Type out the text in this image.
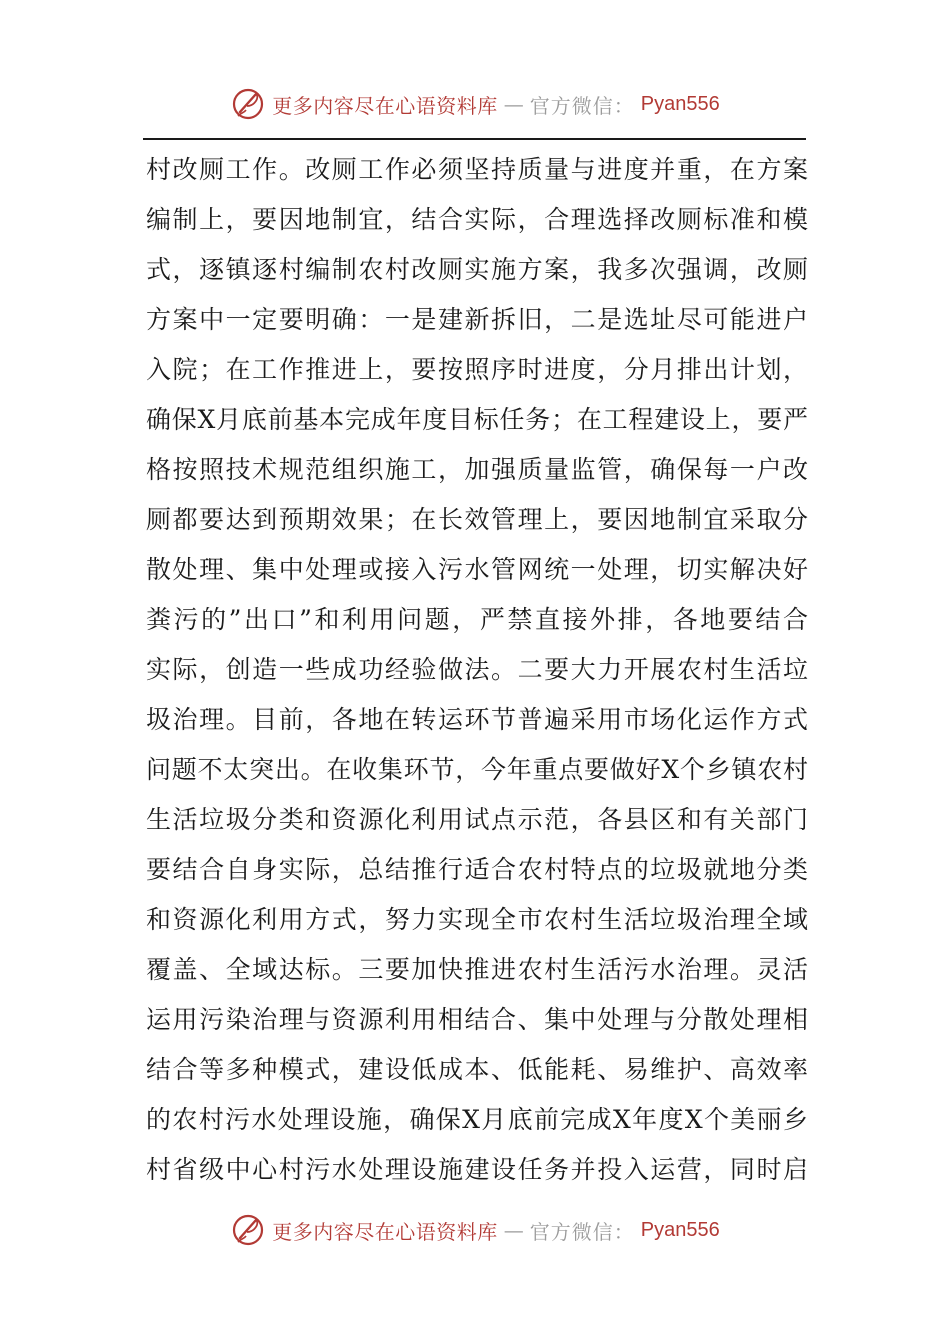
更多内容尽在心语资料库 — 官方微信： Pyan556
村改厕工作。改厕工作必须坚持质量与进度并重，在方案
编制上，要因地制宜，结合实际，合理选择改厕标准和模
式，逐镇逐村编制农村改厕实施方案，我多次强调，改厕
方案中一定要明确：一是建新拆旧，二是选址尽可能进户
入院；在工作推进上，要按照序时进度，分月排出计划，
确保X月底前基本完成年度目标任务；在工程建设上，要严
格按照技术规范组织施工，加强质量监管，确保每一户改
厕都要达到预期效果；在长效管理上，要因地制宜采取分
散处理、集中处理或接入污水管网统一处理，切实解决好
粪污的”出口”和利用问题，严禁直接外排，各地要结合
实际，创造一些成功经验做法。二要大力开展农村生活垃
圾治理。目前，各地在转运环节普遍采用市场化运作方式
问题不太突出。在收集环节，今年重点要做好X个乡镇农村
生活垃圾分类和资源化利用试点示范，各县区和有关部门
要结合自身实际，总结推行适合农村特点的垃圾就地分类
和资源化利用方式，努力实现全市农村生活垃圾治理全域
覆盖、全域达标。三要加快推进农村生活污水治理。灵活
运用污染治理与资源利用相结合、集中处理与分散处理相
结合等多种模式，建设低成本、低能耗、易维护、高效率
的农村污水处理设施，确保X月底前完成X年度X个美丽乡
村省级中心村污水处理设施建设任务并投入运营，同时启
更多内容尽在心语资料库 — 官方微信： Pyan556
